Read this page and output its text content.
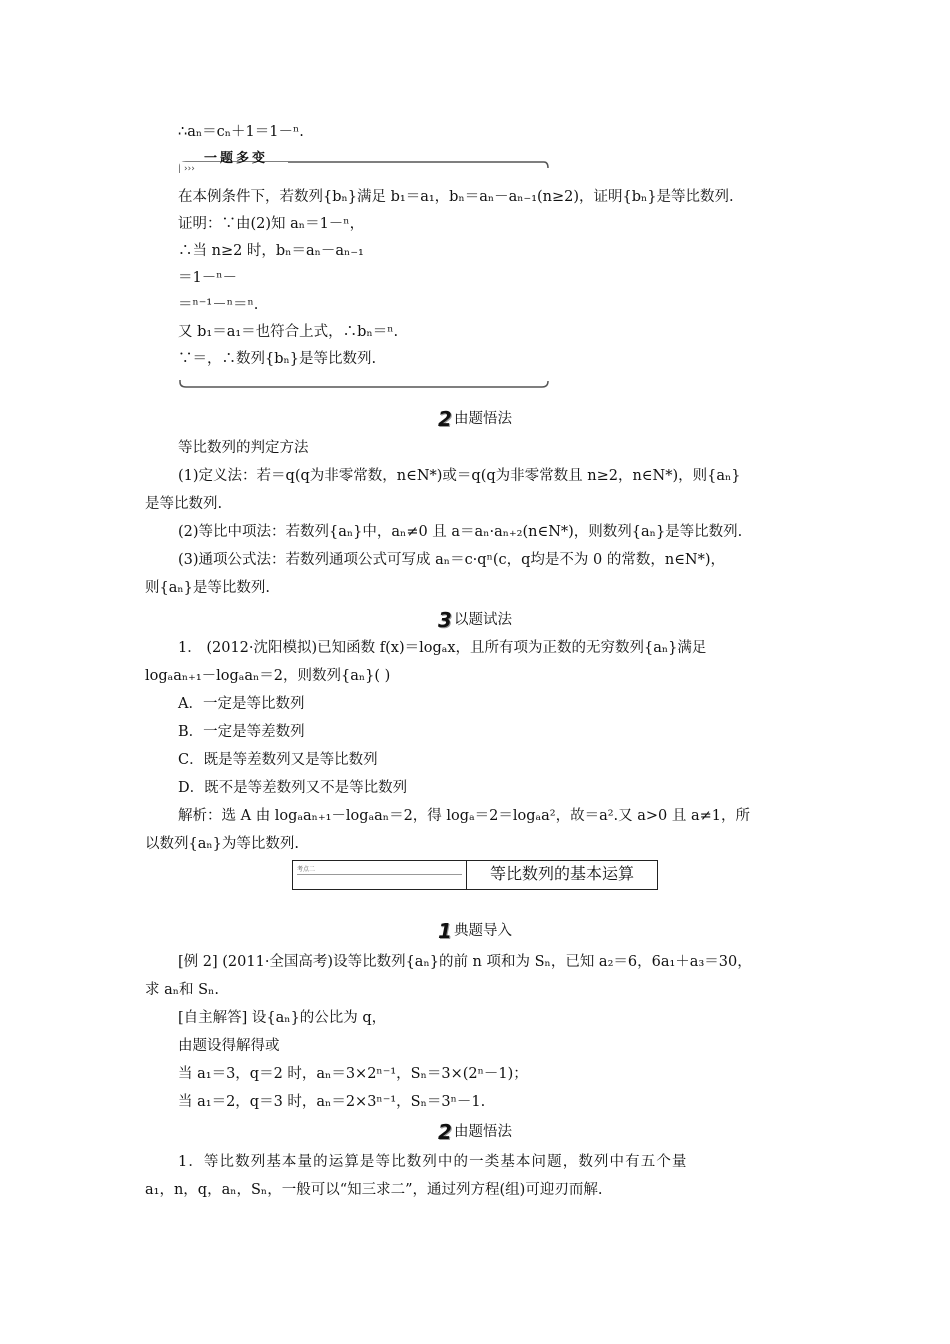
∴aₙ＝cₙ＋1＝1－ⁿ.
›››
一题多变
在本例条件下，若数列{bₙ}满足 b₁＝a₁，bₙ＝aₙ－aₙ₋₁(n≥2)，证明{bₙ}是等比数列.
证明：∵由(2)知 aₙ＝1－ⁿ，
∴当 n≥2 时，bₙ＝aₙ－aₙ₋₁
＝1－ⁿ－
＝ⁿ⁻¹－ⁿ＝ⁿ.
又 b₁＝a₁＝也符合上式，∴bₙ＝ⁿ.
∵＝，∴数列{bₙ}是等比数列.
2 由题悟法
等比数列的判定方法
(1)定义法：若＝q(q为非零常数，n∈N*)或＝q(q为非零常数且 n≥2，n∈N*)，则{aₙ}
是等比数列.
(2)等比中项法：若数列{aₙ}中，aₙ≠0 且 a＝aₙ·aₙ₊₂(n∈N*)，则数列{aₙ}是等比数列.
(3)通项公式法：若数列通项公式可写成 aₙ＝c·qⁿ(c，q均是不为 0 的常数，n∈N*)，
则{aₙ}是等比数列.
3 以题试法
1． (2012·沈阳模拟)已知函数 f(x)＝logₐx，且所有项为正数的无穷数列{aₙ}满足
logₐaₙ₊₁－logₐaₙ＝2，则数列{aₙ}( )
A．一定是等比数列
B．一定是等差数列
C．既是等差数列又是等比数列
D．既不是等差数列又不是等比数列
解析：选 A 由 logₐaₙ₊₁－logₐaₙ＝2，得 logₐ＝2＝logₐa²，故＝a².又 a>0 且 a≠1，所
以数列{aₙ}为等比数列.
考点二	等比数列的基本运算
1 典题导入
[例 2] (2011·全国高考)设等比数列{aₙ}的前 n 项和为 Sₙ，已知 a₂＝6，6a₁＋a₃＝30，
求 aₙ和 Sₙ.
[自主解答] 设{aₙ}的公比为 q，
由题设得解得或
当 a₁＝3，q＝2 时，aₙ＝3×2ⁿ⁻¹，Sₙ＝3×(2ⁿ－1)；
当 a₁＝2，q＝3 时，aₙ＝2×3ⁿ⁻¹，Sₙ＝3ⁿ－1.
2 由题悟法
1．等比数列基本量的运算是等比数列中的一类基本问题，数列中有五个量
a₁，n，q，aₙ，Sₙ，一般可以“知三求二”，通过列方程(组)可迎刃而解.
